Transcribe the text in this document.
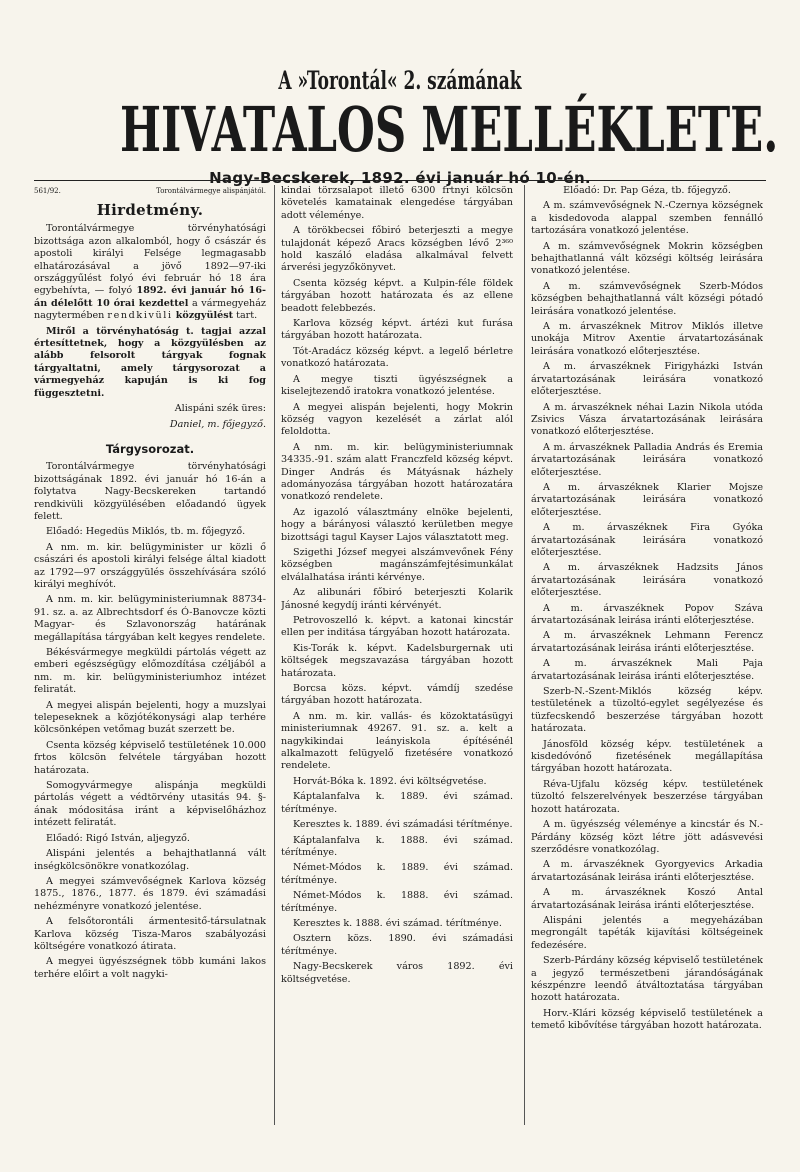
A »Torontál« 2. számának
HIVATALOS MELLÉKLETE.
Nagy-Becskerek, 1892. évi január hó 10-én.
561/92.	Torontálvármegye alispánjától.
Hirdetmény.

Torontálvármegye törvényhatósági bizottsága azon alkalomból, hogy ő császár és apostoli királyi Felsége legmagasabb elhatározásával a jövő 1892—97-iki országgyűlést folyó évi február hó 18 ára egybehívta, — folyó 1892. évi január hó 16-án délelőtt 10 órai kezdettel a vármegyeház nagytermében rendkivüli közgyülést tart.

Miről a törvényhatóság t. tagjai azzal értesíttetnek, hogy a közgyülésben az alább felsorolt tárgyak fognak tárgyaltatni, amely tárgysorozat a vármegyeház kapuján is ki fog függesztetni.

Alispáni szék üres:

Daniel, m. főjegyző.

Tárgysorozat.

Torontálvármegye törvényhatósági bizottságának 1892. évi január hó 16-án a folytatva Nagy-Becskereken tartandó rendkivüli közgyülésében előadandó ügyek felett.

Előadó: Hegedüs Miklós, tb. m. főjegyző.

A nm. m. kir. belügyminister ur közli ő császári és apostoli királyi felsége által kiadott az 1792—97 országgyülés összehívására szóló királyi meghívót.

A nm. m. kir. belügyministeriumnak 88734-91. sz. a. az Albrechtsdorf és Ó-Banovcze közti Magyar- és Szlavonország határának megállapítása tárgyában kelt kegyes rendelete.

Békésvármegye megküldi pártolás végett az emberi egészségügy előmozdítása czéljából a nm. m. kir. belügyministeriumhoz intézet feliratát.

A megyei alispán bejelenti, hogy a muzslyai telepeseknek a közjótékonysági alap terhére kölcsönképen vetőmag buzát szerzett be.

Csenta község képviselő testületének 10.000 frtos kölcsön felvétele tárgyában hozott határozata.

Somogyvármegye alispánja megküldi pártolás végett a védtörvény utasitás 94. §-ának módositása iránt a képviselőházhoz intézett feliratát.

Előadó: Rigó István, aljegyző.

Alispáni jelentés a behajthatlanná vált inségkölcsönökre vonatkozólag.

A megyei számvevőségnek Karlova község 1875., 1876., 1877. és 1879. évi számadási nehézményre vonatkozó jelentése.

A felsőtorontáli ármentesitő-társulatnak Karlova község Tisza-Maros szabályozási költségére vonatkozó átirata.

A megyei ügyészségnek több kumáni lakos terhére előirt a volt nagyki-

kindai törzsalapot illető 6300 frtnyi kölcsön követelés kamatainak elengedése tárgyában adott véleménye.

A törökbecsei főbiró beterjeszti a megye tulajdonát képező Aracs községben lévő 2³⁶⁰ hold kaszáló eladása alkalmával felvett árverési jegyzőkönyvet.

Csenta község képvt. a Kulpin-féle földek tárgyában hozott határozata és az ellene beadott felebbezés.

Karlova község képvt. ártézi kut furása tárgyában hozott határozata.

Tót-Aradácz község képvt. a legelő bérletre vonatkozó határozata.

A megye tiszti ügyészségnek a kiselejtezendő iratokra vonatkozó jelentése.

A megyei alispán bejelenti, hogy Mokrin község vagyon kezelését a zárlat alól feloldotta.

A nm. m. kir. belügyministeriumnak 34335.-91. szám alatt Franczfeld község képvt. Dinger András és Mátyásnak házhely adományozása tárgyában hozott határozatára vonatkozó rendelete.

Az igazoló választmány elnöke bejelenti, hogy a bárányosi választó kerületben megye bizottsági tagul Kayser Lajos választatott meg.

Szigethi József megyei alszámvevőnek Fény községben magánszámfejtésimunkálat elválalhatása iránti kérvénye.

Az alibunári főbiró beterjeszti Kolarik Jánosné kegydíj iránti kérvényét.

Petrovoszelló k. képvt. a katonai kincstár ellen per inditása tárgyában hozott határozata.

Kis-Torák k. képvt. Kadelsburgernak uti költségek megszavazása tárgyában hozott határozata.

Borcsa közs. képvt. vámdíj szedése tárgyában hozott határozata.

A nm. m. kir. vallás- és közoktatásügyi ministeriumnak 49267. 91. sz. a. kelt a nagykikindai leányiskola építésénél alkalmazott felügyelő fizetésére vonatkozó rendelete.

Horvát-Bóka k. 1892. évi költségvetése.

Káptalanfalva k. 1889. évi számad. térítménye.

Keresztes k. 1889. évi számadási térítménye.

Káptalanfalva k. 1888. évi számad. térítménye.

Német-Módos k. 1889. évi számad. térítménye.

Német-Módos k. 1888. évi számad. térítménye.

Keresztes k. 1888. évi számad. térítménye.

Osztern közs. 1890. évi számadási térítménye.

Nagy-Becskerek város 1892. évi költségvetése.

Előadó: Dr. Pap Géza, tb. főjegyző.

A m. számvevőségnek N.-Czernya községnek a kisdedovoda alappal szemben fennálló tartozására vonatkozó jelentése.

A m. számvevőségnek Mokrin községben behajthatlanná vált községi költség leirására vonatkozó jelentése.

A m. számvevőségnek Szerb-Módos községben behajthatlanná vált községi pótadó leirására vonatkozó jelentése.

A m. árvaszéknek Mitrov Miklós illetve unokája Mitrov Axentie árvatartozásának leirására vonatkozó előterjesztése.

A m. árvaszéknek Firigyházki István árvatartozásának leirására vonatkozó előterjesztése.

A m. árvaszéknek néhai Lazin Nikola utóda Zsivics Vásza árvatartozásának leirására vonatkozó előterjesztése.

A m. árvaszéknek Palladia András és Eremia árvatartozásának leirására vonatkozó előterjesztése.

A m. árvaszéknek Klarier Mojsze árvatartozásának leirására vonatkozó előterjesztése.

A m. árvaszéknek Fira Gyóka árvatartozásának leirására vonatkozó előterjesztése.

A m. árvaszéknek Hadzsits János árvatartozásának leirására vonatkozó előterjesztése.

A m. árvaszéknek Popov Száva árvatartozásának leirása iránti előterjesztése.

A m. árvaszéknek Lehmann Ferencz árvatartozásának leirása iránti előterjesztése.

A m. árvaszéknek Mali Paja árvatartozásának leirása iránti előterjesztése.

Szerb-N.-Szent-Miklós község képv. testületének a tüzoltó-egylet segélyezése és tüzfecskendő beszerzése tárgyában hozott határozata.

Jánosföld község képv. testületének a kisdedóvónő fizetésének megállapítása tárgyában hozott határozata.

Réva-Ujfalu község képv. testületének tüzoltó felszerelvények beszerzése tárgyában hozott határozata.

A m. ügyészség véleménye a kincstár és N.-Párdány község közt létre jött adásvevési szerződésre vonatkozólag.

A m. árvaszéknek Gyorgyevics Arkadia árvatartozásának leirása iránti előterjesztése.

A m. árvaszéknek Koszó Antal árvatartozásának leirása iránti előterjesztése.

Alispáni jelentés a megyeházában megrongált tapéták kijavítási költségeinek fedezésére.

Szerb-Párdány község képviselő testületének a jegyző természetbeni járandóságának készpénzre leendő átváltoztatása tárgyában hozott határozata.

Horv.-Klári község képviselő testületének a temető kibővítése tárgyában hozott határozata.
